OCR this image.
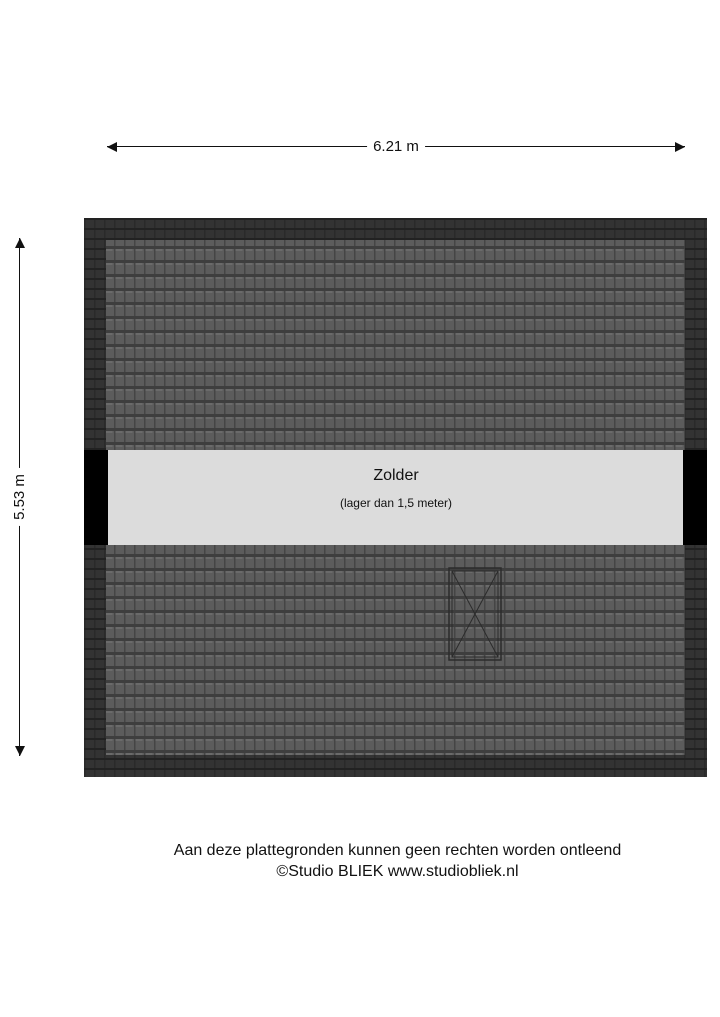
6.21 m
5.53 m	Zolder
(lager dan 1,5 meter)
Aan deze plattegronden kunnen geen rechten worden ontleend
©Studio BLIEK www.studiobliek.nl
